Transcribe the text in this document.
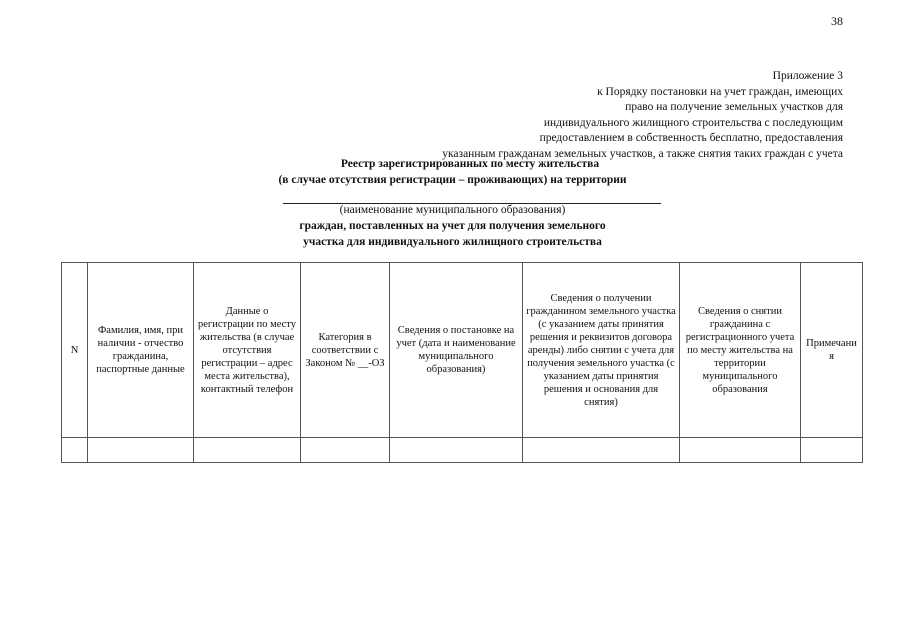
38
Приложение 3
к Порядку постановки на учет граждан, имеющих
право на получение земельных участков для
индивидуального жилищного строительства с последующим
предоставлением в собственность бесплатно, предоставления
указанным гражданам земельных участков, а также снятия таких граждан с учета
Реестр зарегистрированных по месту жительства
(в случае отсутствия регистрации – проживающих) на территории
(наименование муниципального образования)
граждан, поставленных на учет для получения земельного
участка для индивидуального жилищного строительства
N	Фамилия, имя, при наличии - отчество гражданина, паспортные данные	Данные о регистрации по месту жительства (в случае отсутствия регистрации – адрес места жительства), контактный телефон	Категория в соответствии с Законом № __-ОЗ	Сведения о постановке на учет (дата и наименование муниципального образования)	Сведения о получении гражданином земельного участка (с указанием даты принятия решения и реквизитов договора аренды) либо снятии с учета для получения земельного участка (с указанием даты принятия решения и основания для снятия)	Сведения о снятии гражданина с регистрационного учета по месту жительства на территории муниципального образования	Примечания
